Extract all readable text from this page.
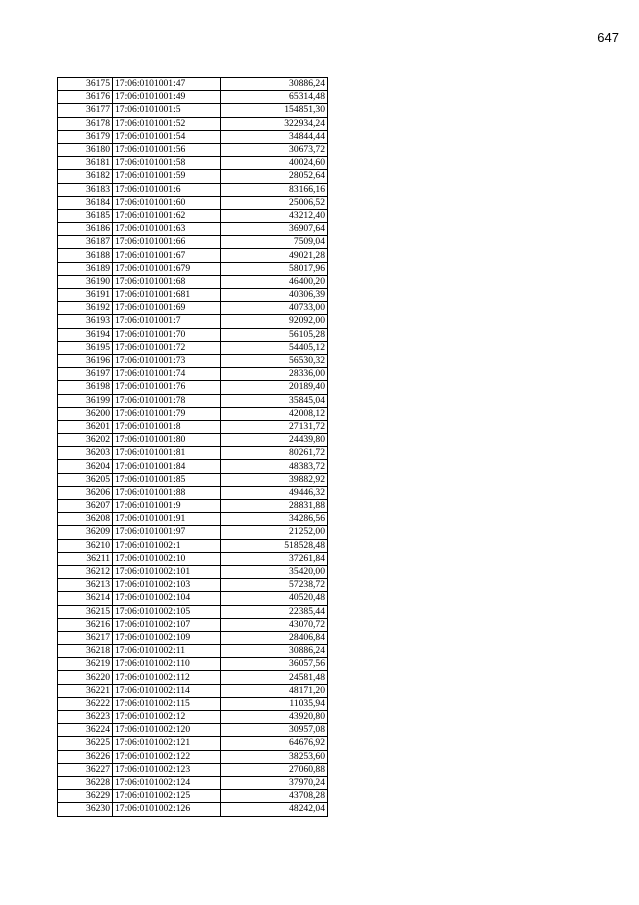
647
36175	17:06:0101001:47	30886,24
36176	17:06:0101001:49	65314,48
36177	17:06:0101001:5	154851,30
36178	17:06:0101001:52	322934,24
36179	17:06:0101001:54	34844,44
36180	17:06:0101001:56	30673,72
36181	17:06:0101001:58	40024,60
36182	17:06:0101001:59	28052,64
36183	17:06:0101001:6	83166,16
36184	17:06:0101001:60	25006,52
36185	17:06:0101001:62	43212,40
36186	17:06:0101001:63	36907,64
36187	17:06:0101001:66	7509,04
36188	17:06:0101001:67	49021,28
36189	17:06:0101001:679	58017,96
36190	17:06:0101001:68	46400,20
36191	17:06:0101001:681	40306,39
36192	17:06:0101001:69	40733,00
36193	17:06:0101001:7	92092,00
36194	17:06:0101001:70	56105,28
36195	17:06:0101001:72	54405,12
36196	17:06:0101001:73	56530,32
36197	17:06:0101001:74	28336,00
36198	17:06:0101001:76	20189,40
36199	17:06:0101001:78	35845,04
36200	17:06:0101001:79	42008,12
36201	17:06:0101001:8	27131,72
36202	17:06:0101001:80	24439,80
36203	17:06:0101001:81	80261,72
36204	17:06:0101001:84	48383,72
36205	17:06:0101001:85	39882,92
36206	17:06:0101001:88	49446,32
36207	17:06:0101001:9	28831,88
36208	17:06:0101001:91	34286,56
36209	17:06:0101001:97	21252,00
36210	17:06:0101002:1	518528,48
36211	17:06:0101002:10	37261,84
36212	17:06:0101002:101	35420,00
36213	17:06:0101002:103	57238,72
36214	17:06:0101002:104	40520,48
36215	17:06:0101002:105	22385,44
36216	17:06:0101002:107	43070,72
36217	17:06:0101002:109	28406,84
36218	17:06:0101002:11	30886,24
36219	17:06:0101002:110	36057,56
36220	17:06:0101002:112	24581,48
36221	17:06:0101002:114	48171,20
36222	17:06:0101002:115	11035,94
36223	17:06:0101002:12	43920,80
36224	17:06:0101002:120	30957,08
36225	17:06:0101002:121	64676,92
36226	17:06:0101002:122	38253,60
36227	17:06:0101002:123	27060,88
36228	17:06:0101002:124	37970,24
36229	17:06:0101002:125	43708,28
36230	17:06:0101002:126	48242,04
